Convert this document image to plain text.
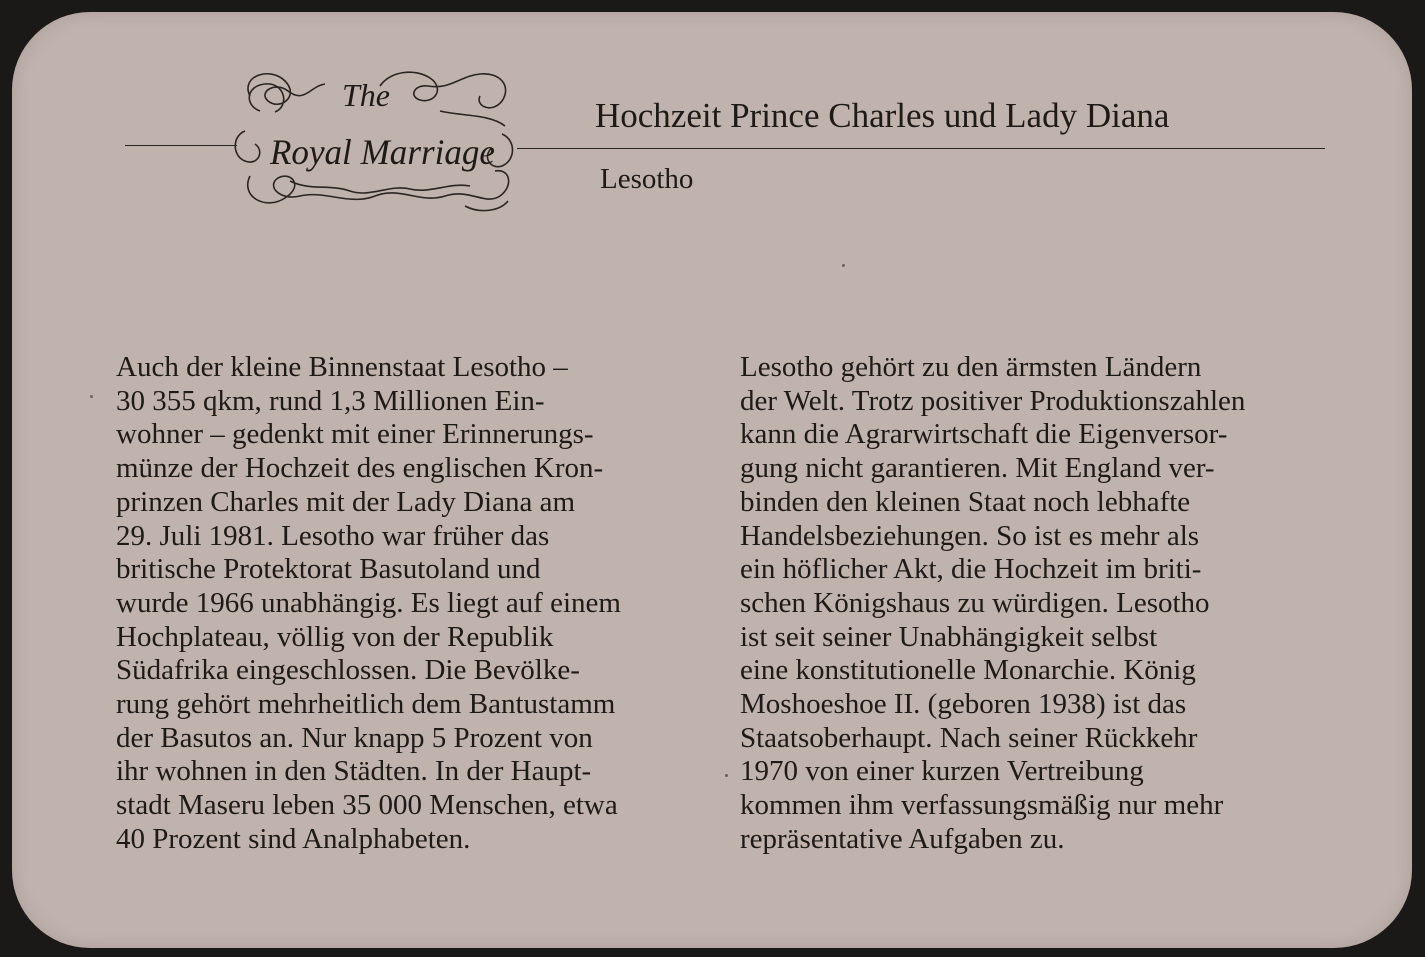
The
Royal Marriage
Hochzeit Prince Charles und Lady Diana
Lesotho
Auch der kleine Binnenstaat Lesotho –
30 355 qkm, rund 1,3 Millionen Ein-
wohner – gedenkt mit einer Erinnerungs-
münze der Hochzeit des englischen Kron-
prinzen Charles mit der Lady Diana am
29. Juli 1981. Lesotho war früher das
britische Protektorat Basutoland und
wurde 1966 unabhängig. Es liegt auf einem
Hochplateau, völlig von der Republik
Südafrika eingeschlossen. Die Bevölke-
rung gehört mehrheitlich dem Bantustamm
der Basutos an. Nur knapp 5 Prozent von
ihr wohnen in den Städten. In der Haupt-
stadt Maseru leben 35 000 Menschen, etwa
40 Prozent sind Analphabeten.
Lesotho gehört zu den ärmsten Ländern
der Welt. Trotz positiver Produktionszahlen
kann die Agrarwirtschaft die Eigenversor-
gung nicht garantieren. Mit England ver-
binden den kleinen Staat noch lebhafte
Handelsbeziehungen. So ist es mehr als
ein höflicher Akt, die Hochzeit im briti-
schen Königshaus zu würdigen. Lesotho
ist seit seiner Unabhängigkeit selbst
eine konstitutionelle Monarchie. König
Moshoeshoe II. (geboren 1938) ist das
Staatsoberhaupt. Nach seiner Rückkehr
1970 von einer kurzen Vertreibung
kommen ihm verfassungsmäßig nur mehr
repräsentative Aufgaben zu.
